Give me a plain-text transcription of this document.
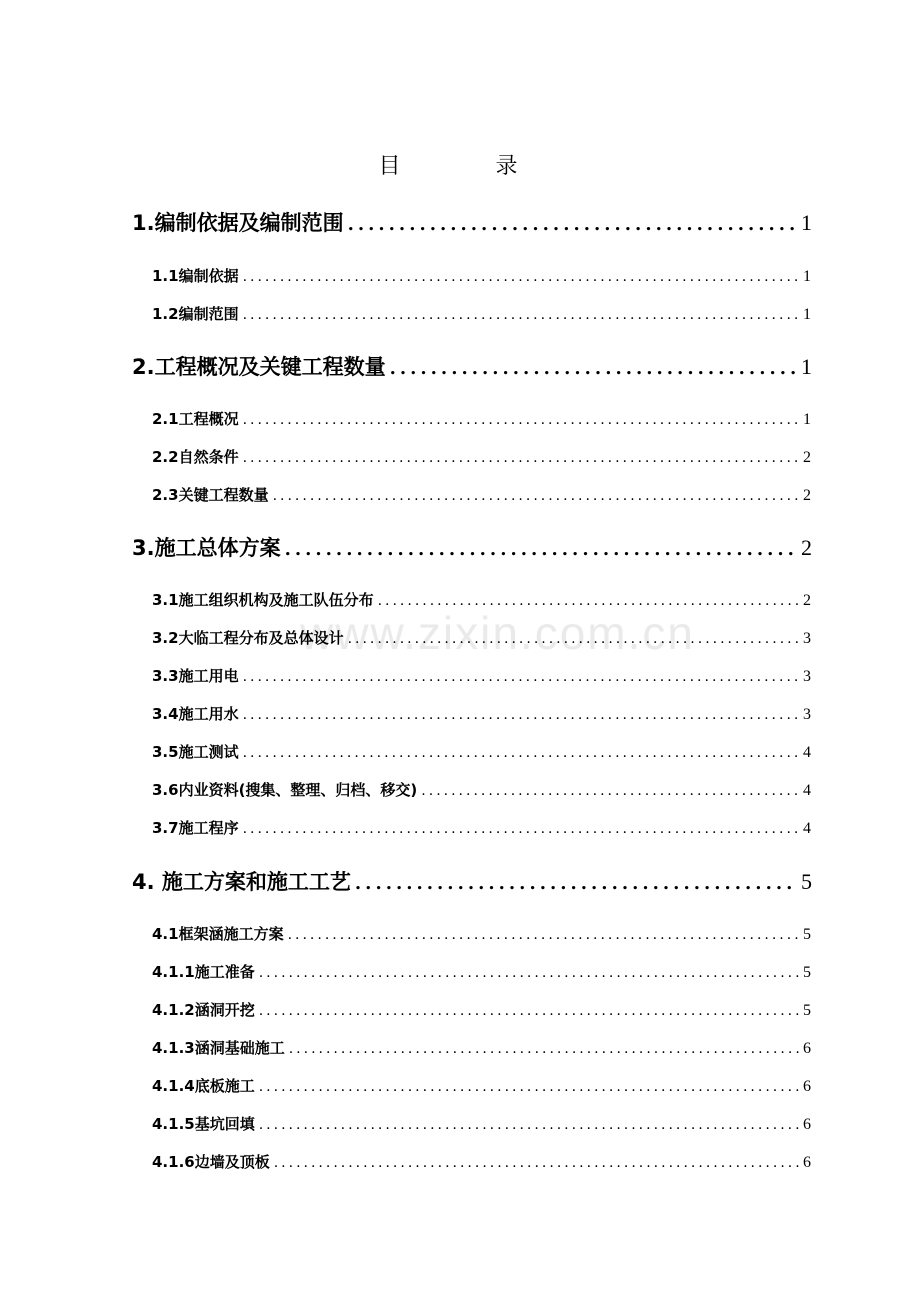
目 录
www.zixin.com.cn
1.编制依据及编制范围 .....	1
1.1编制依据 .....	1
1.2编制范围 .....	1
2.工程概况及关键工程数量 .....	1
2.1工程概况 .....	1
2.2自然条件 .....	2
2.3关键工程数量 .....	2
3.施工总体方案 .....	2
3.1施工组织机构及施工队伍分布 .....	2
3.2大临工程分布及总体设计 .....	3
3.3施工用电 .....	3
3.4施工用水 .....	3
3.5施工测试 .....	4
3.6内业资料(搜集、整理、归档、移交) .....	4
3.7施工程序 .....	4
4. 施工方案和施工工艺 .....	5
4.1框架涵施工方案 .....	5
4.1.1施工准备 .....	5
4.1.2涵洞开挖 .....	5
4.1.3涵洞基础施工 .....	6
4.1.4底板施工 .....	6
4.1.5基坑回填 .....	6
4.1.6边墙及顶板 .....	6
